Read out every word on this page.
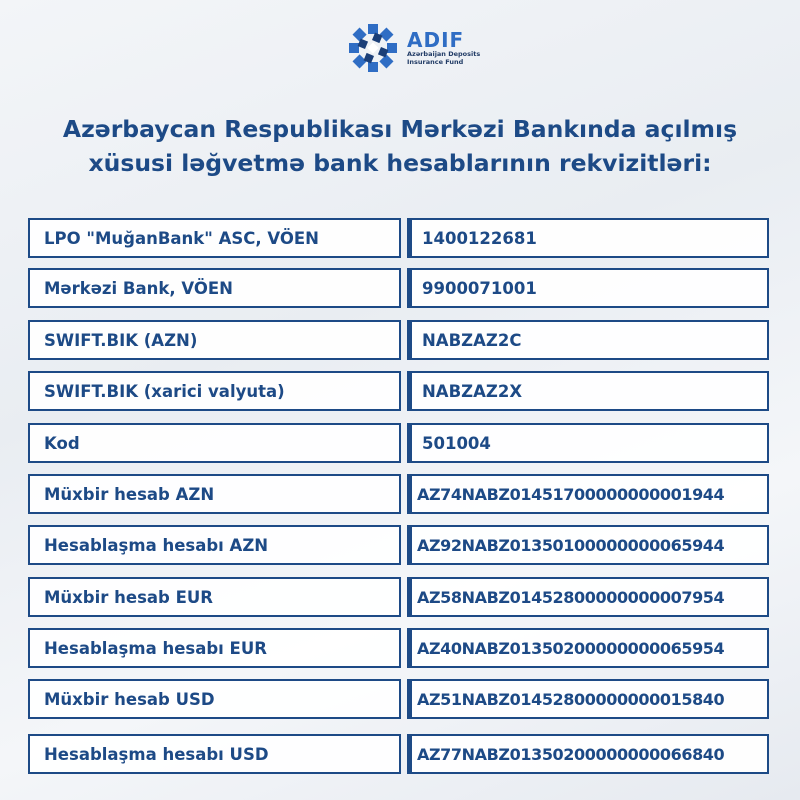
ADIF
Azərbaijan Deposits
Insurance Fund
Azərbaycan Respublikası Mərkəzi Bankında açılmış
xüsusi ləğvetmə bank hesablarının rekvizitləri:
LPO "MuğanBank" ASC, VÖEN	1400122681
Mərkəzi Bank, VÖEN	9900071001
SWIFT.BIK (AZN)	NABZAZ2C
SWIFT.BIK (xarici valyuta)	NABZAZ2X
Kod	501004
Müxbir hesab AZN	AZ74NABZ01451700000000001944
Hesablaşma hesabı AZN	AZ92NABZ01350100000000065944
Müxbir hesab EUR	AZ58NABZ01452800000000007954
Hesablaşma hesabı EUR	AZ40NABZ01350200000000065954
Müxbir hesab USD	AZ51NABZ01452800000000015840
Hesablaşma hesabı USD	AZ77NABZ01350200000000066840
